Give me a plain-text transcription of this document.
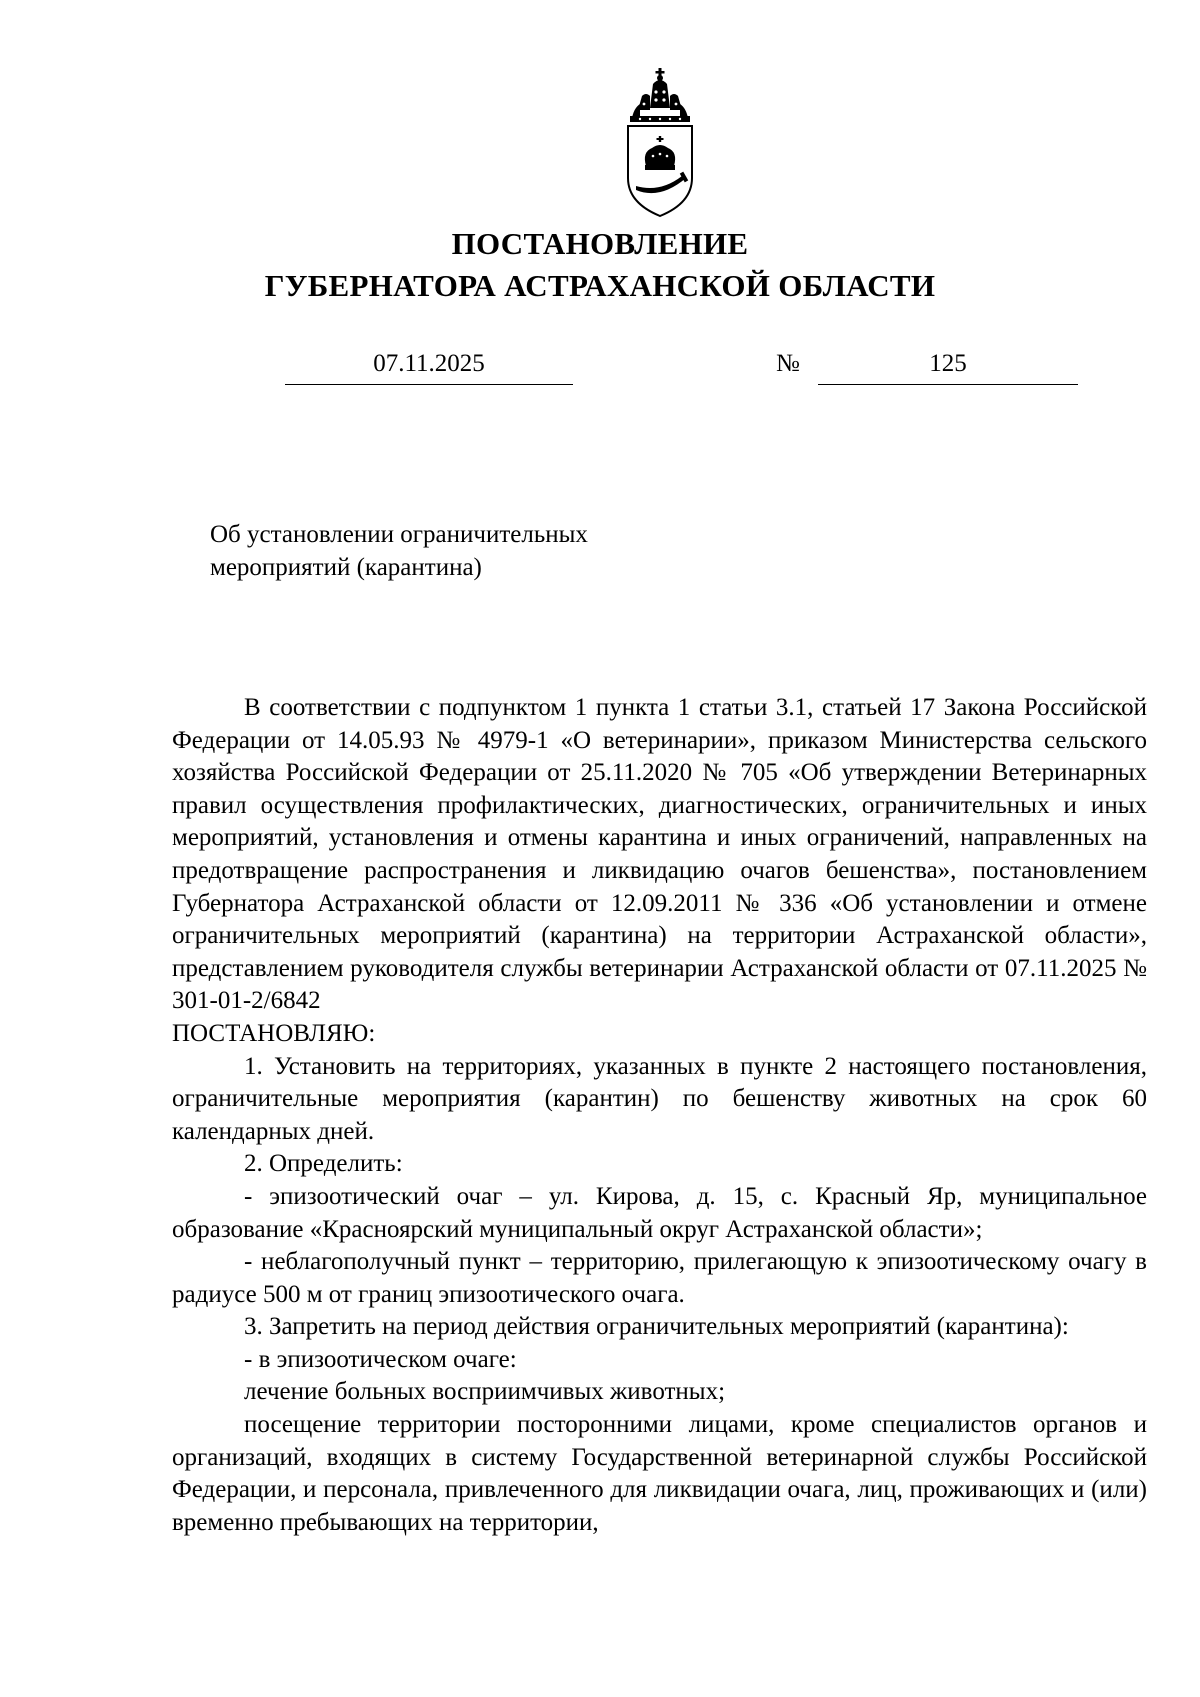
ПОСТАНОВЛЕНИЕ
ГУБЕРНАТОРА АСТРАХАНСКОЙ ОБЛАСТИ
07.11.2025	№	125
Об установлении ограничительных
мероприятий (карантина)

В соответствии с подпунктом 1 пункта 1 статьи 3.1, статьей 17 Закона Российской Федерации от 14.05.93 № 4979-1 «О ветеринарии», приказом Министерства сельского хозяйства Российской Федерации от 25.11.2020 № 705 «Об утверждении Ветеринарных правил осуществления профилактических, диагностических, ограничительных и иных мероприятий, установления и отмены карантина и иных ограничений, направленных на предотвращение распространения и ликвидацию очагов бешенства», постановлением Губернатора Астраханской области от 12.09.2011 № 336 «Об установлении и отмене ограничительных мероприятий (карантина) на территории Астраханской области», представлением руководителя службы ветеринарии Астраханской области от 07.11.2025 № 301-01-2/6842

ПОСТАНОВЛЯЮ:

1. Установить на территориях, указанных в пункте 2 настоящего постановления, ограничительные мероприятия (карантин) по бешенству животных на срок 60 календарных дней.

2. Определить:

- эпизоотический очаг – ул. Кирова, д. 15, с. Красный Яр, муниципальное образование «Красноярский муниципальный округ Астраханской области»;

- неблагополучный пункт – территорию, прилегающую к эпизоотическому очагу в радиусе 500 м от границ эпизоотического очага.

3. Запретить на период действия ограничительных мероприятий (карантина):

- в эпизоотическом очаге:

лечение больных восприимчивых животных;

посещение территории посторонними лицами, кроме специалистов органов и организаций, входящих в систему Государственной ветеринарной службы Российской Федерации, и персонала, привлеченного для ликвидации очага, лиц, проживающих и (или) временно пребывающих на территории,
